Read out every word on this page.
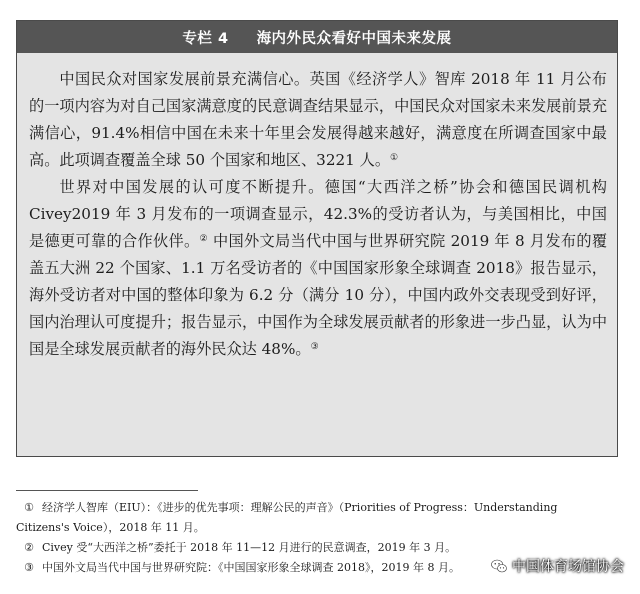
专栏 4 海内外民众看好中国未来发展

中国民众对国家发展前景充满信心。英国《经济学人》智库 2018 年 11 月公布的一项内容为对自己国家满意度的民意调查结果显示，中国民众对国家未来发展前景充满信心，91.4%相信中国在未来十年里会发展得越来越好，满意度在所调查国家中最高。此项调查覆盖全球 50 个国家和地区、3221 人。①

世界对中国发展的认可度不断提升。德国“大西洋之桥”协会和德国民调机构 Civey2019 年 3 月发布的一项调查显示，42.3%的受访者认为，与美国相比，中国是德更可靠的合作伙伴。② 中国外文局当代中国与世界研究院 2019 年 8 月发布的覆盖五大洲 22 个国家、1.1 万名受访者的《中国国家形象全球调查 2018》报告显示，海外受访者对中国的整体印象为 6.2 分（满分 10 分），中国内政外交表现受到好评，国内治理认可度提升；报告显示，中国作为全球发展贡献者的形象进一步凸显，认为中国是全球发展贡献者的海外民众达 48%。③

① 经济学人智库（EIU）：《进步的优先事项：理解公民的声音》（Priorities of Progress：Understanding
Citizens's Voice），2018 年 11 月。
② Civey 受“大西洋之桥”委托于 2018 年 11—12 月进行的民意调查，2019 年 3 月。
③ 中国外文局当代中国与世界研究院：《中国国家形象全球调查 2018》，2019 年 8 月。	中国体育场馆协会
